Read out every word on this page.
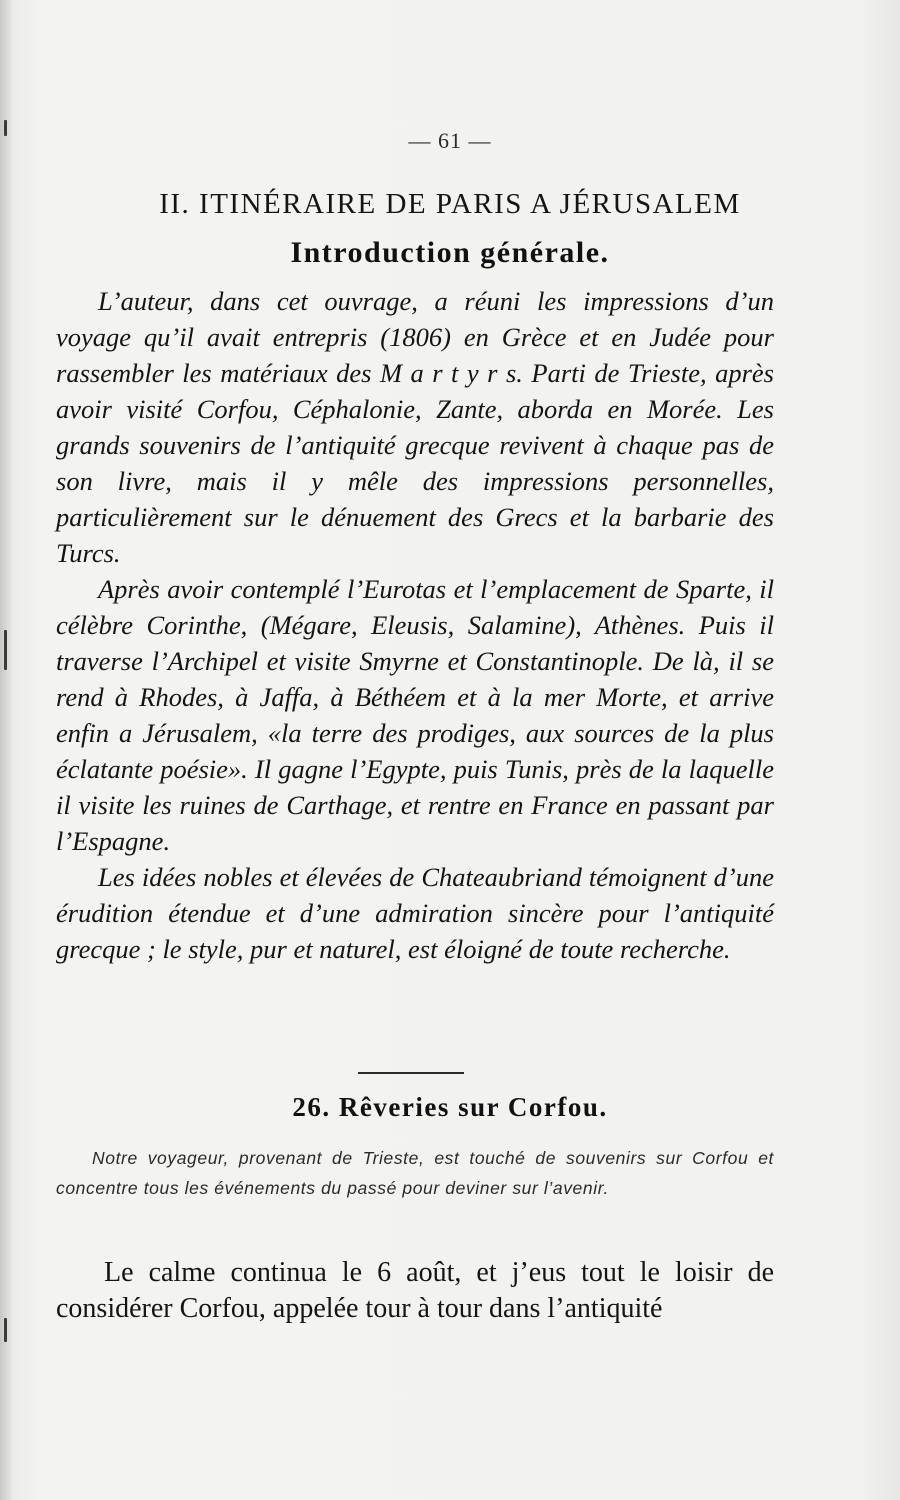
— 61 —
II. ITINÉRAIRE DE PARIS A JÉRUSALEM
Introduction générale.

L’auteur, dans cet ouvrage, a réuni les impressions d’un voyage qu’il avait entrepris (1806) en Grèce et en Judée pour rassembler les matériaux des M a r t y r s. Parti de Trieste, après avoir visité Corfou, Céphalonie, Zante, aborda en Morée. Les grands souvenirs de l’antiquité grecque revivent à chaque pas de son livre, mais il y mêle des impressions personnelles, particulièrement sur le dénuement des Grecs et la barbarie des Turcs.

Après avoir contemplé l’Eurotas et l’emplacement de Sparte, il célèbre Corinthe, (Mégare, Eleusis, Salamine), Athènes. Puis il traverse l’Archipel et visite Smyrne et Constantinople. De là, il se rend à Rhodes, à Jaffa, à Béthéem et à la mer Morte, et arrive enfin a Jérusalem, «la terre des prodiges, aux sources de la plus éclatante poésie». Il gagne l’Egypte, puis Tunis, près de la laquelle il visite les ruines de Carthage, et rentre en France en passant par l’Espagne.

Les idées nobles et élevées de Chateaubriand témoignent d’une érudition étendue et d’une admiration sincère pour l’antiquité grecque ; le style, pur et naturel, est éloigné de toute recherche.

26. Rêveries sur Corfou.
Notre voyageur, provenant de Trieste, est touché de souvenirs sur Corfou et concentre tous les événements du passé pour deviner sur l’avenir.
Le calme continua le 6 août, et j’eus tout le loisir de considérer Corfou, appelée tour à tour dans l’antiquité
